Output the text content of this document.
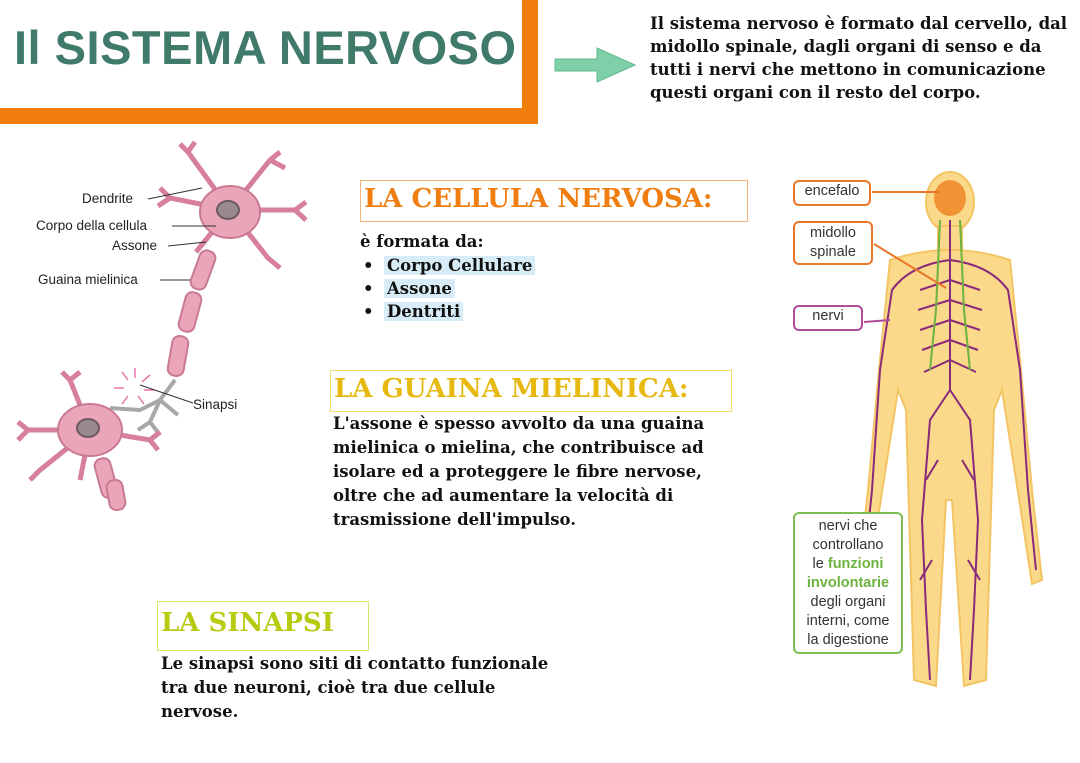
Il SISTEMA NERVOSO	Il sistema nervoso è formato dal cervello, dal midollo spinale, dagli organi di senso e da tutti i nervi che mettono in comunicazione questi organi con il resto del corpo.
Dendrite
Corpo della cellula
Assone
Guaina mielinica
Sinapsi
LA CELLULA NERVOSA:
è formata da:
• Corpo Cellulare
• Assone
• Dentriti
LA GUAINA MIELINICA:
L'assone è spesso avvolto da una guaina mielinica o mielina, che contribuisce ad isolare ed a proteggere le fibre nervose, oltre che ad aumentare la velocità di trasmissione dell'impulso.
LA SINAPSI
Le sinapsi sono siti di contatto funzionale tra due neuroni, cioè tra due cellule nervose.
encefalo
midollo
spinale
nervi
nervi che
controllano
le funzioni
involontarie
degli organi
interni, come
la digestione
